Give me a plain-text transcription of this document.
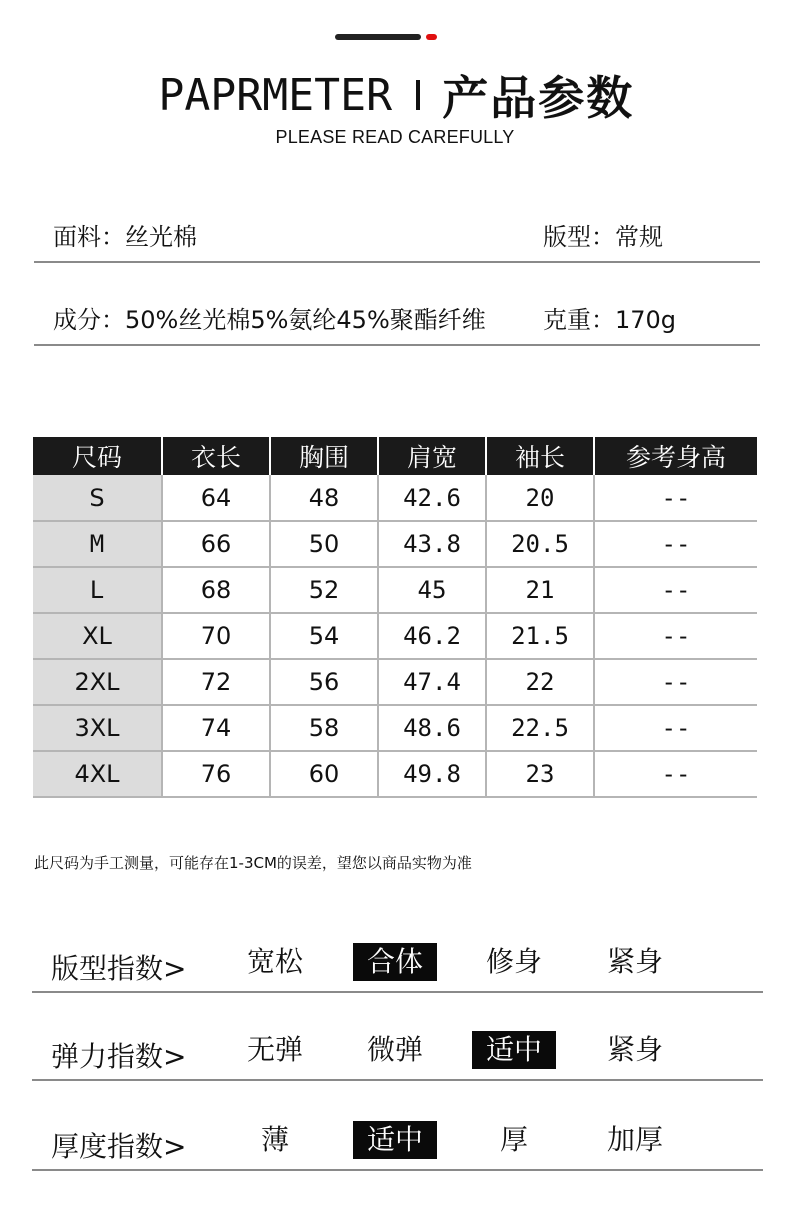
PAPRMETER 产品参数
PLEASE READ CAREFULLY
面料：丝光棉	版型：常规
成分：50%丝光棉5%氨纶45%聚酯纤维 克重：170g
尺码	衣长	胸围	肩宽	袖长	参考身高
S	64	48	42.6	20	--
M	66	50	43.8	20.5	--
L	68	52	45	21	--
XL	70	54	46.2	21.5	--
2XL	72	56	47.4	22	--
3XL	74	58	48.6	22.5	--
4XL	76	60	49.8	23	--
此尺码为手工测量，可能存在1-3CM的误差，望您以商品实物为准
版型指数>	宽松	合体	修身	紧身
弹力指数>	无弹	微弹	适中	紧身
厚度指数>	薄	适中	厚	加厚
